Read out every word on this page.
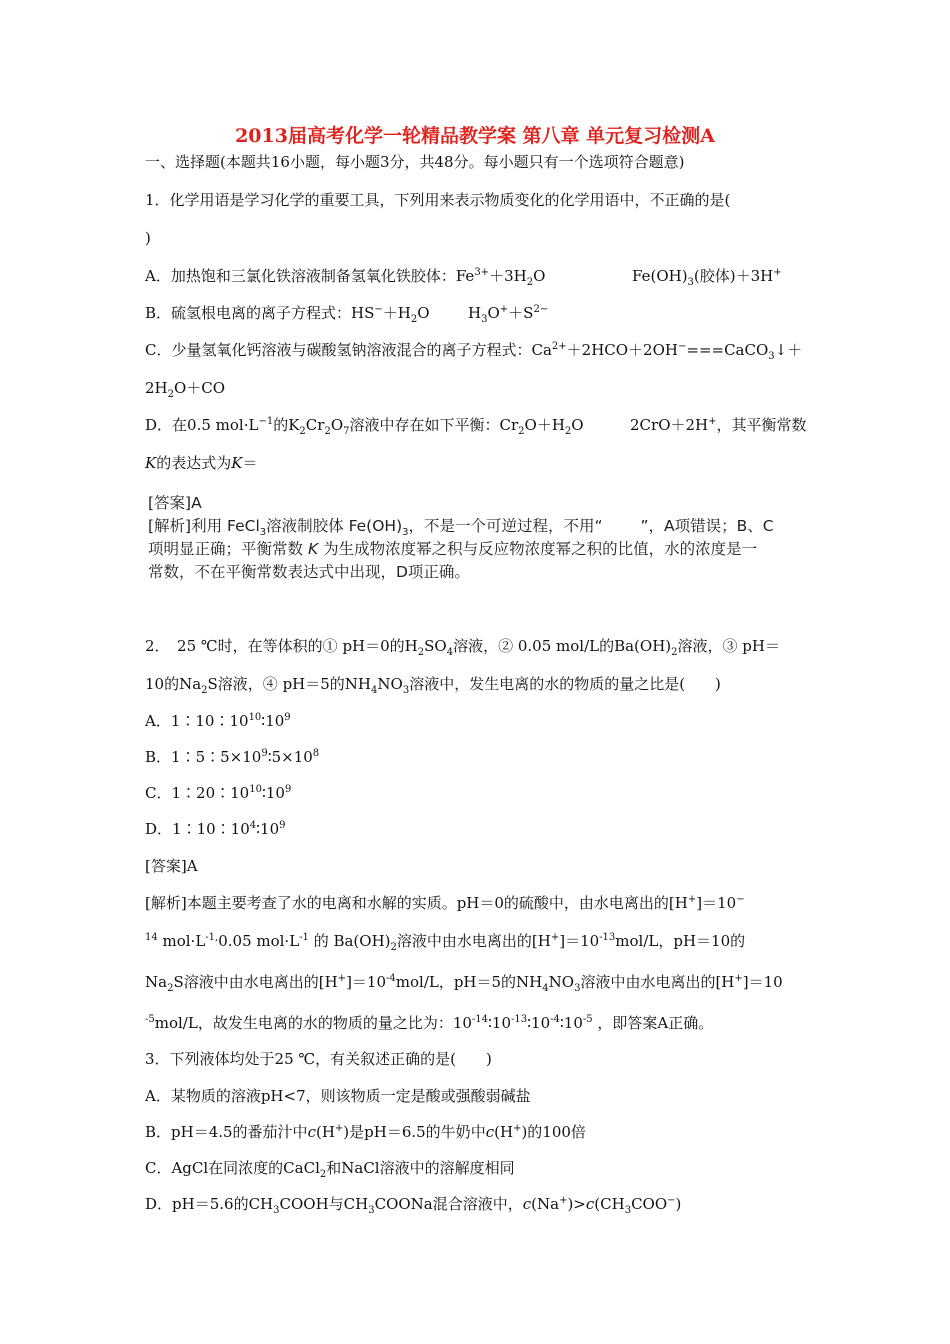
2013届高考化学一轮精品教学案 第八章 单元复习检测A
一、选择题(本题共16小题，每小题3分，共48分。每小题只有一个选项符合题意)
1．化学用语是学习化学的重要工具，下列用来表示物质变化的化学用语中，不正确的是(
)
A．加热饱和三氯化铁溶液制备氢氧化铁胶体：$Fe^{3+}+3H_2O$	$Fe(OH)_3$(胶体)＋3H+
B．硫氢根电离的离子方程式：$HS^-+H_2O$	$H_3O^++S^{2-}$
C．少量氢氧化钙溶液与碳酸氢钠溶液混合的离子方程式：$Ca^{2+}+2HCO+2OH^-===CaCO_3↓+$
$2H_2O+CO$
D．在0.5 $mol\cdot L^{-1}$的$K_2Cr_2O_7$溶液中存在如下平衡：$Cr_2O+H_2O$	2CrO＋2H+，其平衡常数
K的表达式为K＝
[答案]A
[解析]利用 FeCl$_3$溶液制胶体 $Fe(OH)_3$，不是一个可逆过程，不用“ ”，A项错误；B、C
项明显正确；平衡常数 K 为生成物浓度幂之积与反应物浓度幂之积的比值，水的浓度是一
常数，不在平衡常数表达式中出现，D项正确。
2．　25 ℃时，在等体积的① pH＝0的$H_2SO_4$溶液，② 0.05 mol/L的$Ba(OH)_2$溶液，③ pH＝
10的$Na_2S$溶液，④ pH＝5的$NH_4NO_3$溶液中，发生电离的水的物质的量之比是(　　)
A．$1∶10∶10^{10}∶10^9$
B．$1∶5∶5\times 10^9∶5\times 10^8$
C．$1∶20∶10^{10}∶10^9$
D．$1∶10∶10^4∶10^9$
[答案]A
[解析]本题主要考查了水的电离和水解的实质。pH＝0的硫酸中，由水电离出的[H+]＝10−
$^{14}$ $mol\cdot L^{-1,}0.05$ $mol\cdot L^{-1}$ 的 $Ba(OH)_2$溶液中由水电离出的$[H^+]=10^{-13}mol/L$，pH＝10的
$Na_2S$溶液中由水电离出的$[H^+]=10^{-4}mol/L$，pH＝5的$NH_4NO_3$溶液中由水电离出的[H+]＝10
$^{-5}$mol/L，故发生电离的水的物质的量之比为：$10^{-14}∶10^{-13}∶10^{-4}∶10^{-5}$ ，即答案A正确。
3．下列液体均处于25 ℃，有关叙述正确的是(　　)
A．某物质的溶液pH<7，则该物质一定是酸或强酸弱碱盐
B．pH＝4.5的番茄汁中c(H+)是pH＝6.5的牛奶中c(H+)的100倍
C．AgCl在同浓度的CaCl$_2$和NaCl溶液中的溶解度相同
D．pH＝5.6的$CH_3COOH$与$CH_3COONa$混合溶液中，$c(Na^+)>c(CH_3COO^-)$
